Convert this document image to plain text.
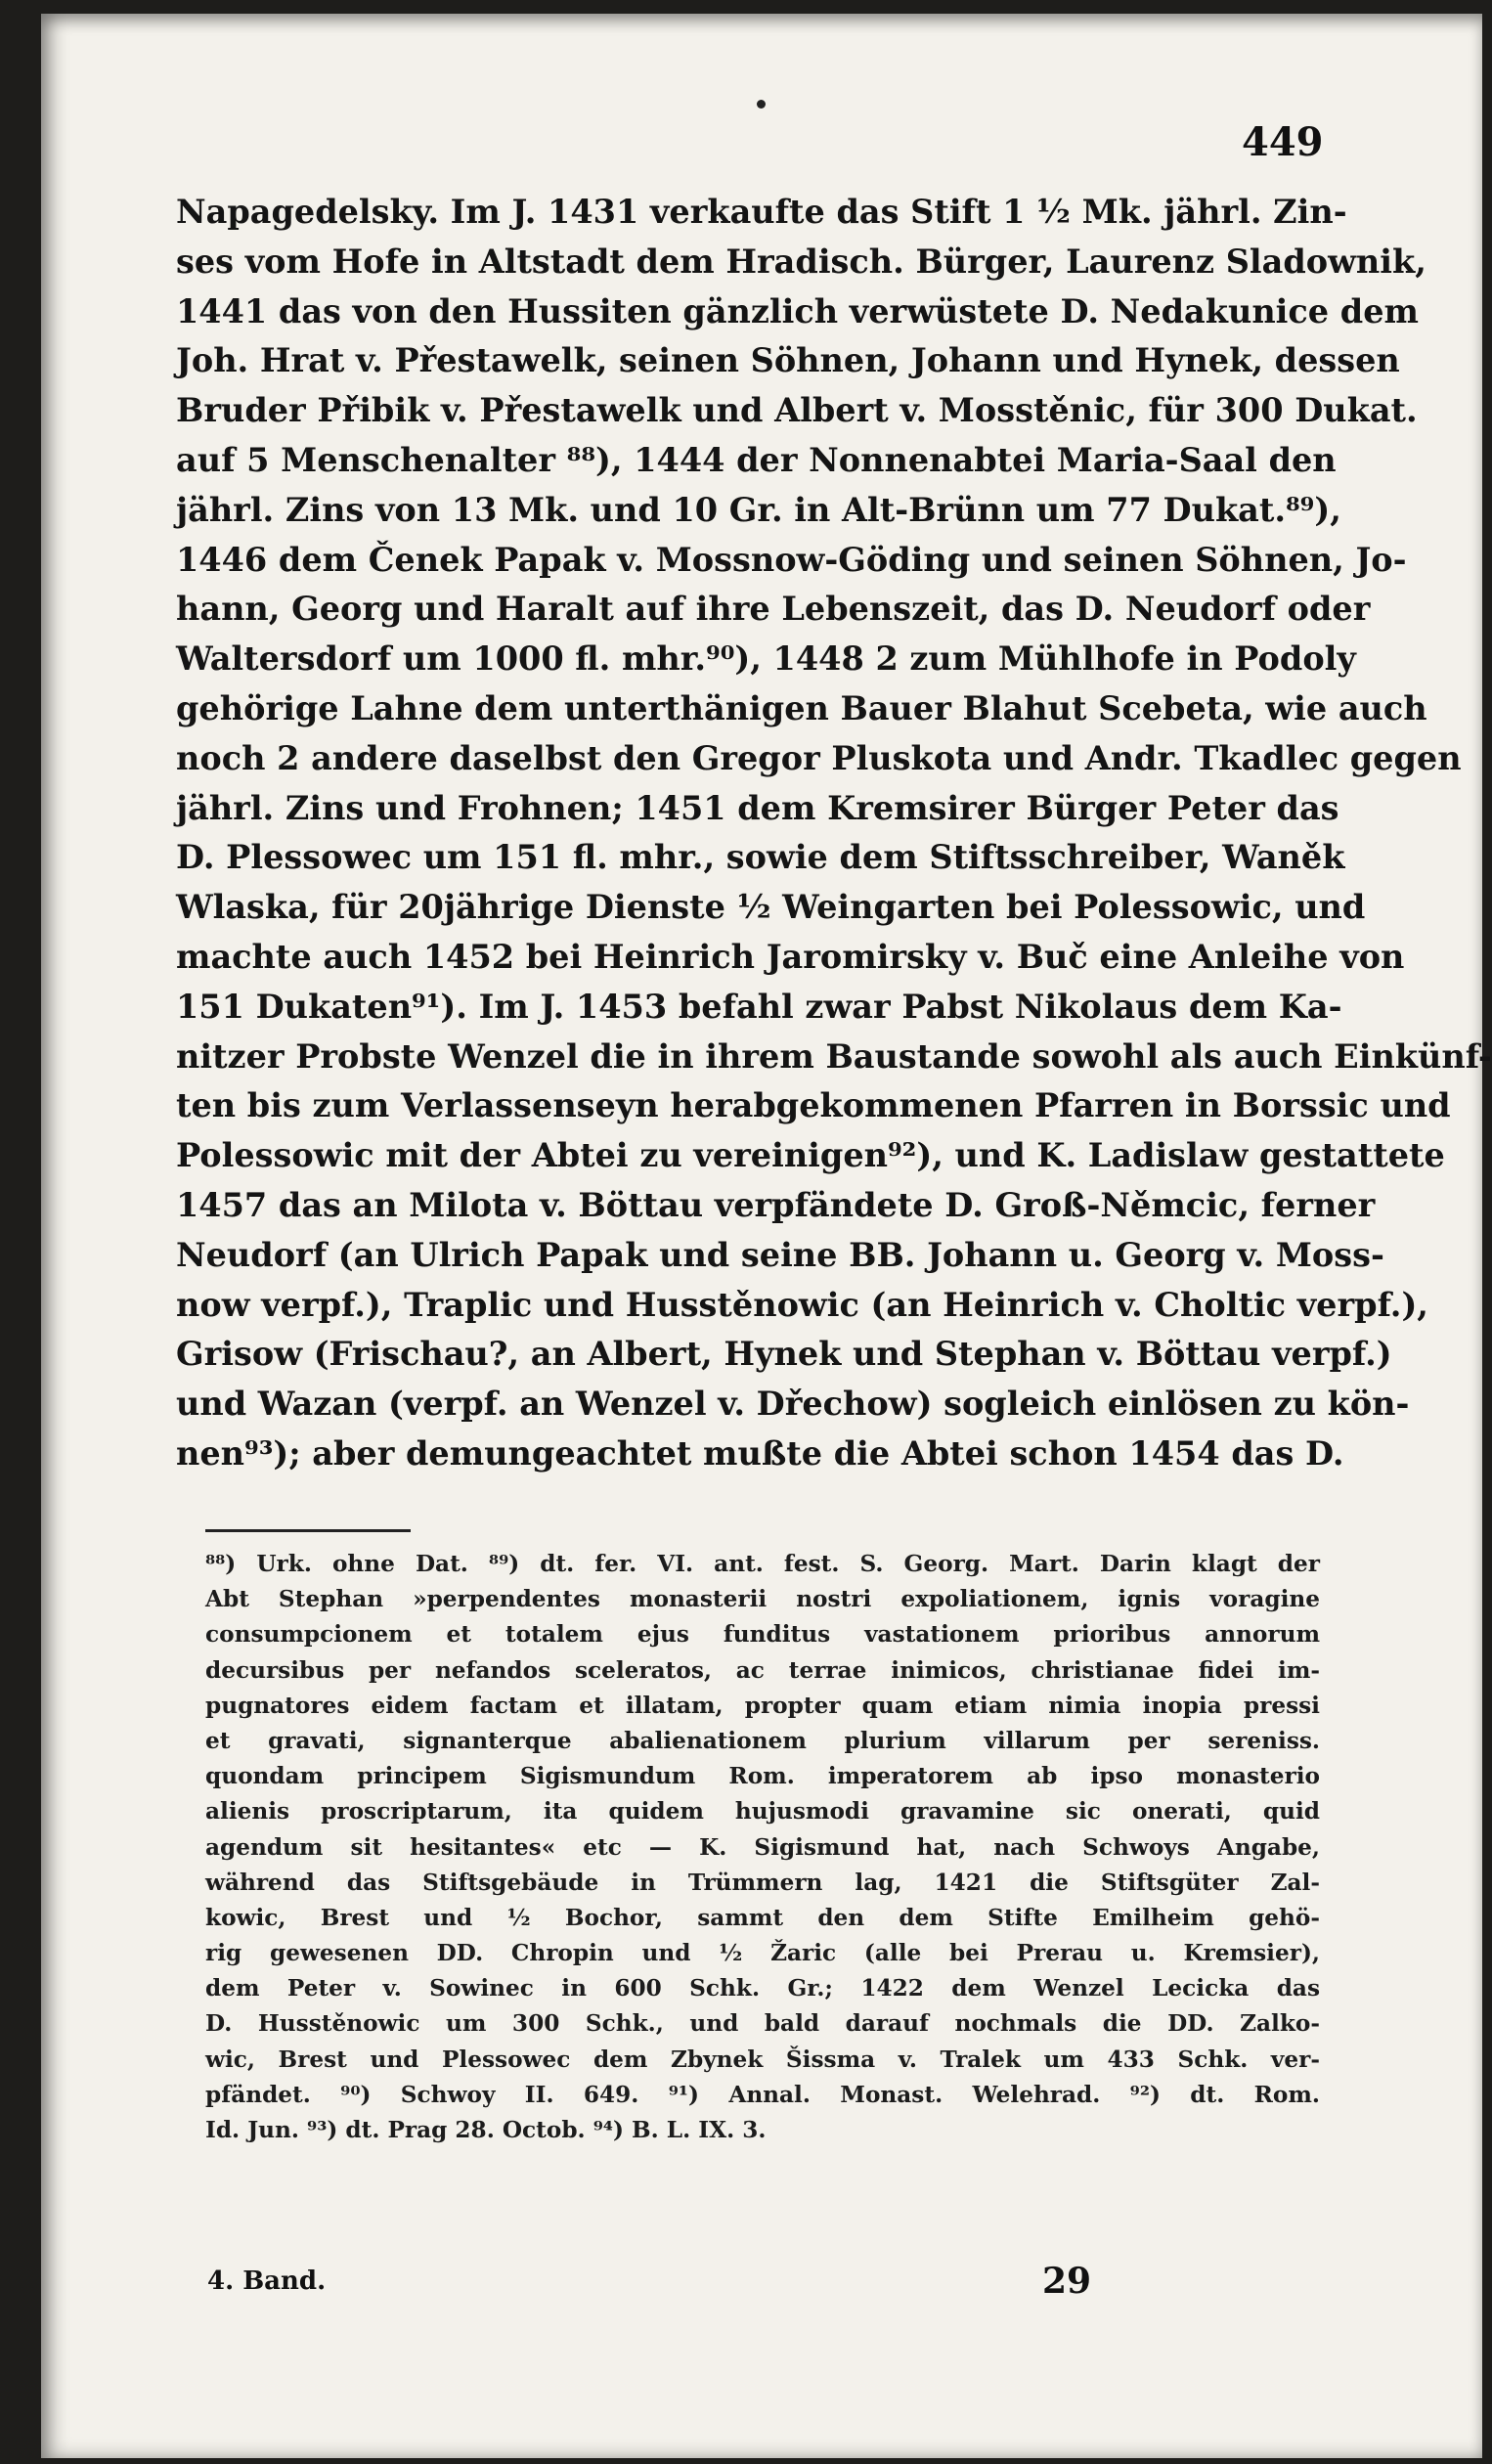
449
Napagedelsky. Im J. 1431 verkaufte das Stift 1 ½ Mk. jährl. Zin-
ses vom Hofe in Altstadt dem Hradisch. Bürger, Laurenz Sladownik,
1441 das von den Hussiten gänzlich verwüstete D. Nedakunice dem
Joh. Hrat v. Přestawelk, seinen Söhnen, Johann und Hynek, dessen
Bruder Přibik v. Přestawelk und Albert v. Mosstěnic, für 300 Dukat.
auf 5 Menschenalter ⁸⁸), 1444 der Nonnenabtei Maria-Saal den
jährl. Zins von 13 Mk. und 10 Gr. in Alt-Brünn um 77 Dukat.⁸⁹),
1446 dem Čenek Papak v. Mossnow-Göding und seinen Söhnen, Jo-
hann, Georg und Haralt auf ihre Lebenszeit, das D. Neudorf oder
Waltersdorf um 1000 fl. mhr.⁹⁰), 1448 2 zum Mühlhofe in Podoly
gehörige Lahne dem unterthänigen Bauer Blahut Scebeta, wie auch
noch 2 andere daselbst den Gregor Pluskota und Andr. Tkadlec gegen
jährl. Zins und Frohnen; 1451 dem Kremsirer Bürger Peter das
D. Plessowec um 151 fl. mhr., sowie dem Stiftsschreiber, Waněk
Wlaska, für 20jährige Dienste ½ Weingarten bei Polessowic, und
machte auch 1452 bei Heinrich Jaromirsky v. Buč eine Anleihe von
151 Dukaten⁹¹). Im J. 1453 befahl zwar Pabst Nikolaus dem Ka-
nitzer Probste Wenzel die in ihrem Baustande sowohl als auch Einkünf-
ten bis zum Verlassenseyn herabgekommenen Pfarren in Borssic und
Polessowic mit der Abtei zu vereinigen⁹²), und K. Ladislaw gestattete
1457 das an Milota v. Böttau verpfändete D. Groß-Němcic, ferner
Neudorf (an Ulrich Papak und seine BB. Johann u. Georg v. Moss-
now verpf.), Traplic und Husstěnowic (an Heinrich v. Choltic verpf.),
Grisow (Frischau?, an Albert, Hynek und Stephan v. Böttau verpf.)
und Wazan (verpf. an Wenzel v. Dřechow) sogleich einlösen zu kön-
nen⁹³); aber demungeachtet mußte die Abtei schon 1454 das D.
⁸⁸) Urk. ohne Dat. ⁸⁹) dt. fer. VI. ant. fest. S. Georg. Mart. Darin klagt der
Abt Stephan »perpendentes monasterii nostri expoliationem, ignis voragine
consumpcionem et totalem ejus funditus vastationem prioribus annorum
decursibus per nefandos sceleratos, ac terrae inimicos, christianae fidei im-
pugnatores eidem factam et illatam, propter quam etiam nimia inopia pressi
et gravati, signanterque abalienationem plurium villarum per sereniss.
quondam principem Sigismundum Rom. imperatorem ab ipso monasterio
alienis proscriptarum, ita quidem hujusmodi gravamine sic onerati, quid
agendum sit hesitantes« etc — K. Sigismund hat, nach Schwoys Angabe,
während das Stiftsgebäude in Trümmern lag, 1421 die Stiftsgüter Zal-
kowic, Brest und ½ Bochor, sammt den dem Stifte Emilheim gehö-
rig gewesenen DD. Chropin und ½ Žaric (alle bei Prerau u. Kremsier),
dem Peter v. Sowinec in 600 Schk. Gr.; 1422 dem Wenzel Lecicka das
D. Husstěnowic um 300 Schk., und bald darauf nochmals die DD. Zalko-
wic, Brest und Plessowec dem Zbynek Šissma v. Tralek um 433 Schk. ver-
pfändet. ⁹⁰) Schwoy II. 649. ⁹¹) Annal. Monast. Welehrad. ⁹²) dt. Rom.
Id. Jun. ⁹³) dt. Prag 28. Octob. ⁹⁴) B. L. IX. 3.
4. Band.	29
